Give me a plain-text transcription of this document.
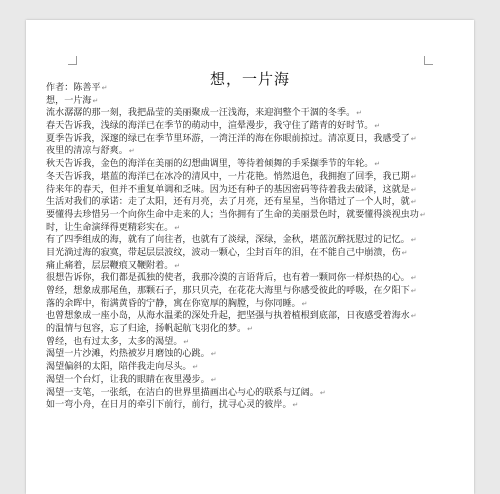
想，一片海
作者：陈善平 ↵
想，一片海 ↵
流水潺潺的那一刻，我把晶莹的美丽聚成一汪浅海，来迎润整个干涸的冬季。 ↵
春天告诉我，浅绿的海洋已在季节的萌动中，渲晕漫步，我守住了踏青的好时节。 ↵
夏季告诉我，深邃的绿已在季节里环游，一湾汪洋的海在你眼前掠过。清凉夏日，我感受了 ↵
夜里的清凉与舒爽。 ↵
秋天告诉我，金色的海洋在美丽的幻想曲调里，等待着倾舞的手采撷季节的年轮。 ↵
冬天告诉我，堪蓝的海洋已在冰冷的清风中，一片花艳。悄然退色，我拥抱了回季，我已期 ↵
待来年的春天，但并不重复单调和乏味。因为还有种子的基因密码等待着我去破译，这就是 ↵
生活对我们的承诺：走了太阳，还有月亮，去了月亮，还有星星，当你错过了一个人时，就 ↵
要懂得去珍惜另一个向你生命中走来的人；当你拥有了生命的美丽景色时，就要懂得淡视虫功 ↵
时，让生命演绎得更精彩实在。 ↵
有了四季组成的海，就有了向往者，也就有了淡绿，深绿，金秋，堪蓝沉醉抚慰过的记忆。 ↵
目光淌过海的寂寞，带起层层波纹，波动一颗心，尘封百年的泪，在不能自己中崩溃，伤 ↵
痛止痛着，层层鞭痕又鞭附着。 ↵
很想告诉你，我们都是孤独的使者，我那冷漠的言语背后，也有着一颗同你一样炽热的心。 ↵
曾经，想象成那尾鱼，那颗石子，那只贝壳，在花花大海里与你感受彼此的呼吸，在夕阳下 ↵
落的余晖中，衔满黄昏的宁静，寓在你宽厚的胸膛，与你同睡。 ↵
也曾想象成一座小岛，从海水温柔的深处升起，把坚强与执着植根到底部，日夜感受着海水 ↵
的温情与包容，忘了归途，扬帆起航飞羽化的梦。 ↵
曾经，也有过太多，太多的渴望。 ↵
渴望一片沙滩，灼热被岁月磨蚀的心跳。 ↵
渴望偏斜的太阳，陪伴我走向尽头。 ↵
渴望一个台灯，让我的眼睛在夜里漫步。 ↵
渴望一支笔，一张纸，在洁白的世界里描画出心与心的联系与辽阔。 ↵
如一弯小舟，在日月的牵引下前行，前行，扰寻心灵的彼岸。 ↵
